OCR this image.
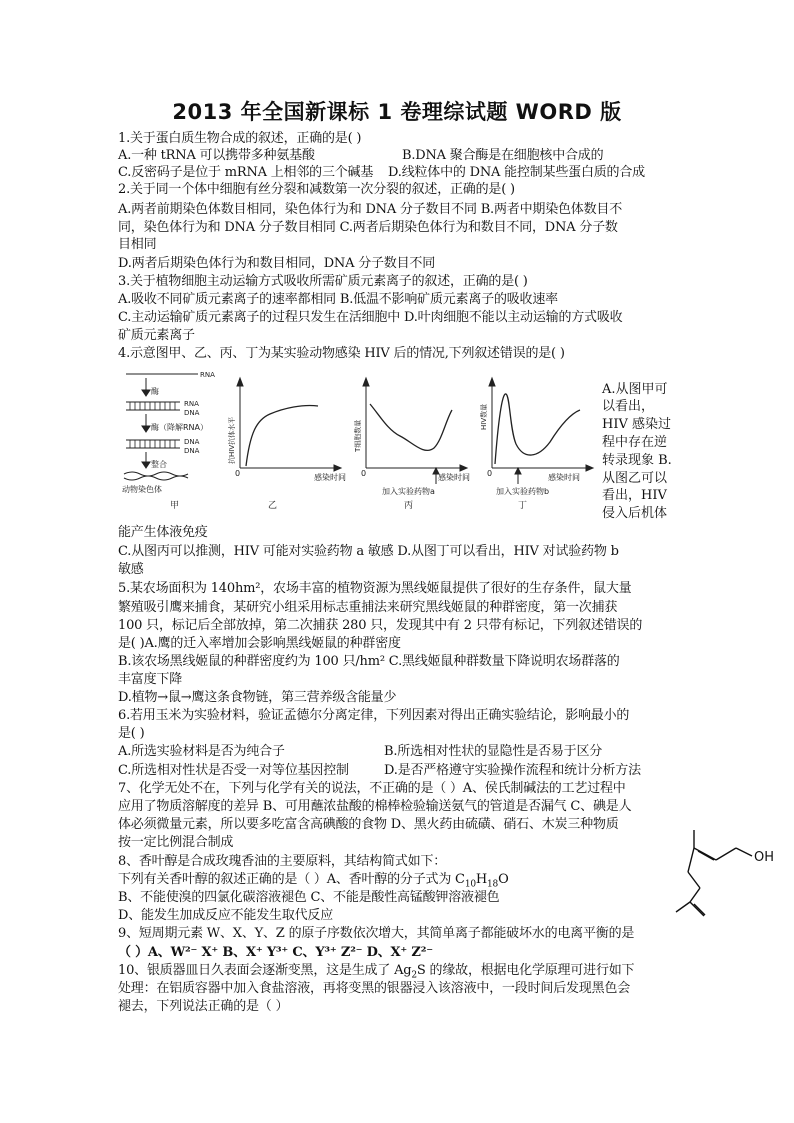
2013 年全国新课标 1 卷理综试题 WORD 版
1.关于蛋白质生物合成的叙述，正确的是( )
A.一种 tRNA 可以携带多种氨基酸	B.DNA 聚合酶是在细胞核中合成的
C.反密码子是位于 mRNA 上相邻的三个碱基 D.线粒体中的 DNA 能控制某些蛋白质的合成
2.关于同一个体中细胞有丝分裂和减数第一次分裂的叙述，正确的是( )
A.两者前期染色体数目相同，染色体行为和 DNA 分子数目不同 B.两者中期染色体数目不
同，染色体行为和 DNA 分子数目相同 C.两者后期染色体行为和数目不同，DNA 分子数
目相同
D.两者后期染色体行为和数目相同，DNA 分子数目不同
3.关于植物细胞主动运输方式吸收所需矿质元素离子的叙述，正确的是( )
A.吸收不同矿质元素离子的速率都相同 B.低温不影响矿质元素离子的吸收速率
C.主动运输矿质元素离子的过程只发生在活细胞中 D.叶肉细胞不能以主动运输的方式吸收
矿质元素离子
4.示意图甲、乙、丙、丁为某实验动物感染 HIV 后的情况,下列叙述错误的是( )
RNA
酶
RNA
DNA
酶（降解RNA）
DNA
DNA
整合
动物染色体
甲
抗HIV抗体水平
0	感染时间
乙
T细胞数量
0	感染时间
加入实验药物a
丙
HIV数量
0	感染时间
加入实验药物b
丁
A.从图甲可
以看出，
HIV 感染过
程中存在逆
转录现象 B.
从图乙可以
看出，HIV
侵入后机体
能产生体液免疫
C.从图丙可以推测，HIV 可能对实验药物 a 敏感 D.从图丁可以看出，HIV 对试验药物 b
敏感
5.某农场面积为 140hm²，农场丰富的植物资源为黑线姬鼠提供了很好的生存条件，鼠大量
繁殖吸引鹰来捕食，某研究小组采用标志重捕法来研究黑线姬鼠的种群密度，第一次捕获
100 只，标记后全部放掉，第二次捕获 280 只，发现其中有 2 只带有标记，下列叙述错误的
是( )A.鹰的迁入率增加会影响黑线姬鼠的种群密度
B.该农场黑线姬鼠的种群密度约为 100 只/hm² C.黑线姬鼠种群数量下降说明农场群落的
丰富度下降
D.植物→鼠→鹰这条食物链，第三营养级含能量少
6.若用玉米为实验材料，验证孟德尔分离定律，下列因素对得出正确实验结论，影响最小的
是( )
A.所选实验材料是否为纯合子	B.所选相对性状的显隐性是否易于区分
C.所选相对性状是否受一对等位基因控制	D.是否严格遵守实验操作流程和统计分析方法
7、化学无处不在，下列与化学有关的说法，不正确的是（ ）A、侯氏制碱法的工艺过程中
应用了物质溶解度的差异 B、可用蘸浓盐酸的棉棒检验输送氨气的管道是否漏气 C、碘是人
体必须微量元素，所以要多吃富含高碘酸的食物 D、黑火药由硫磺、硝石、木炭三种物质
按一定比例混合制成
8、香叶醇是合成玫瑰香油的主要原料，其结构简式如下：
下列有关香叶醇的叙述正确的是（ ）A、香叶醇的分子式为 $C_{10}H_{18}O$
B、不能使溴的四氯化碳溶液褪色 C、不能是酸性高锰酸钾溶液褪色
D、能发生加成反应不能发生取代反应
OH
9、短周期元素 W、X、Y、Z 的原子序数依次增大，其简单离子都能破坏水的电离平衡的是
（ ）A、W²⁻ X⁺ B、X⁺ Y³⁺ C、Y³⁺ Z²⁻ D、X⁺ Z²⁻
10、银质器皿日久表面会逐渐变黑，这是生成了 $Ag_2S$ 的缘故，根据电化学原理可进行如下
处理：在铝质容器中加入食盐溶液，再将变黑的银器浸入该溶液中，一段时间后发现黑色会
褪去，下列说法正确的是（ ）
